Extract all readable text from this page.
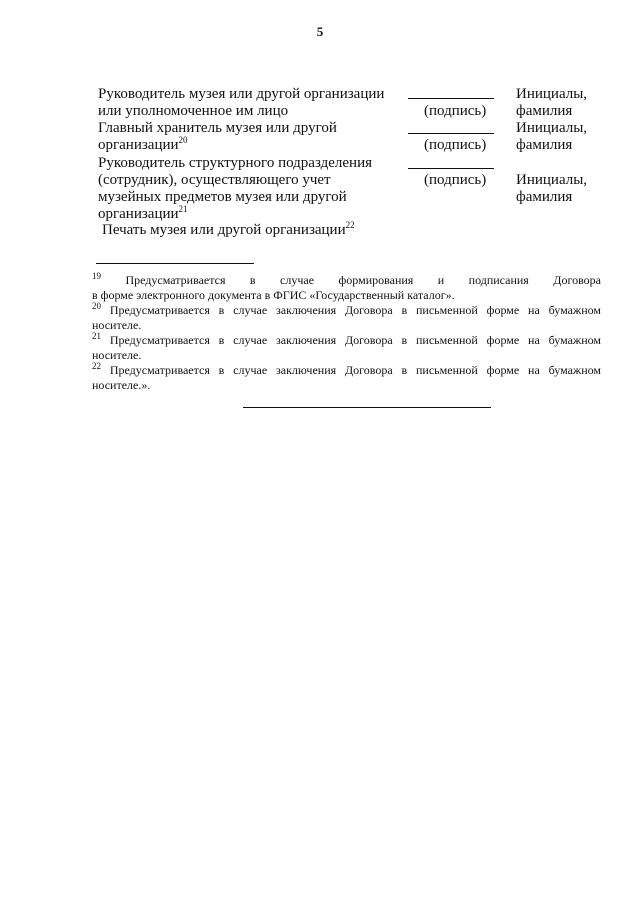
5
Руководитель музея или другой организации
или уполномоченное им лицо	(подпись)
Инициалы,
фамилия
Главный хранитель музея или другой
организации$^{20}$	(подпись)
Инициалы,
фамилия
Руководитель структурного подразделения
(сотрудник), осуществляющего учет
музейных предметов музея или другой
организации$^{21}$
(подпись) Инициалы,
фамилия
Печать музея или другой организации$^{22}$
$^{19}$ Предусматривается в случае формирования и подписания Договора
в форме электронного документа в ФГИС «Государственный каталог».
$^{20}$ Предусматривается в случае заключения Договора в письменной форме на бумажном
носителе.
$^{21}$ Предусматривается в случае заключения Договора в письменной форме на бумажном
носителе.
$^{22}$ Предусматривается в случае заключения Договора в письменной форме на бумажном
носителе.».
